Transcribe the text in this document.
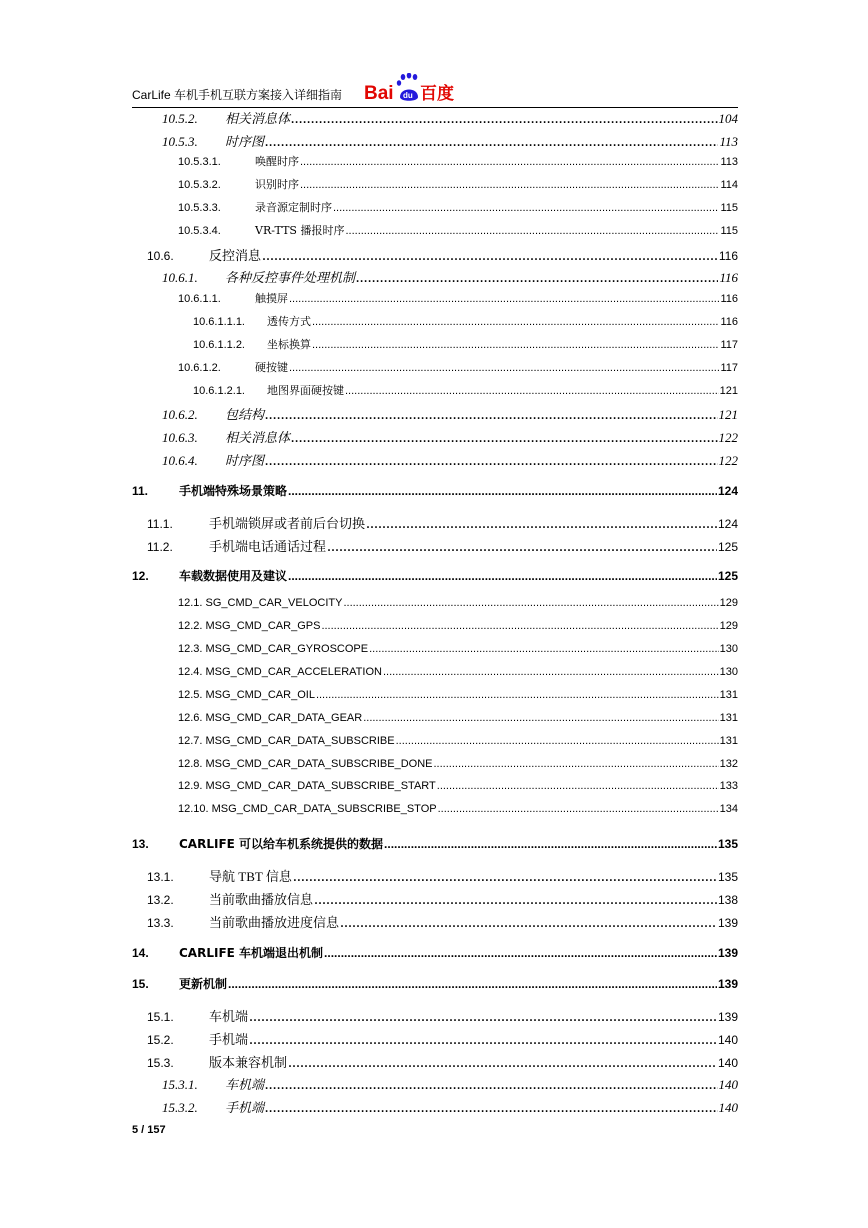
CarLife 车机手机互联方案接入详细指南 Bai du 百度
10.5.2.	相关消息体 .....	104
10.5.3.	时序图 .....	113
10.5.3.1.	唤醒时序 .....	113
10.5.3.2.	识别时序 .....	114
10.5.3.3.	录音源定制时序 .....	115
10.5.3.4.	VR-TTS 播报时序 .....	115
10.6.	反控消息 .....	116
10.6.1.	各种反控事件处理机制 .....	116
10.6.1.1.	触摸屏 .....	116
10.6.1.1.1.	透传方式 .....	116
10.6.1.1.2.	坐标换算 .....	117
10.6.1.2.	硬按键 .....	117
10.6.1.2.1.	地图界面硬按键 .....	121
10.6.2.	包结构 .....	121
10.6.3.	相关消息体 .....	122
10.6.4.	时序图 .....	122
11.	手机端特殊场景策略 .....	124
11.1.	手机端锁屏或者前后台切换 .....	124
11.2.	手机端电话通话过程 .....	125
12.	车载数据使用及建议 .....	125
12.1. SG_CMD_CAR_VELOCITY .....	129
12.2. MSG_CMD_CAR_GPS .....	129
12.3. MSG_CMD_CAR_GYROSCOPE .....	130
12.4. MSG_CMD_CAR_ACCELERATION .....	130
12.5. MSG_CMD_CAR_OIL .....	131
12.6. MSG_CMD_CAR_DATA_GEAR .....	131
12.7. MSG_CMD_CAR_DATA_SUBSCRIBE .....	131
12.8. MSG_CMD_CAR_DATA_SUBSCRIBE_DONE .....	132
12.9. MSG_CMD_CAR_DATA_SUBSCRIBE_START .....	133
12.10. MSG_CMD_CAR_DATA_SUBSCRIBE_STOP .....	134
13.	CARLIFE 可以给车机系统提供的数据 .....	135
13.1.	导航 TBT 信息 .....	135
13.2.	当前歌曲播放信息 .....	138
13.3.	当前歌曲播放进度信息 .....	139
14.	CARLIFE 车机端退出机制 .....	139
15.	更新机制 .....	139
15.1.	车机端 .....	139
15.2.	手机端 .....	140
15.3.	版本兼容机制 .....	140
15.3.1.	车机端 .....	140
15.3.2.	手机端 .....	140
5 / 157
